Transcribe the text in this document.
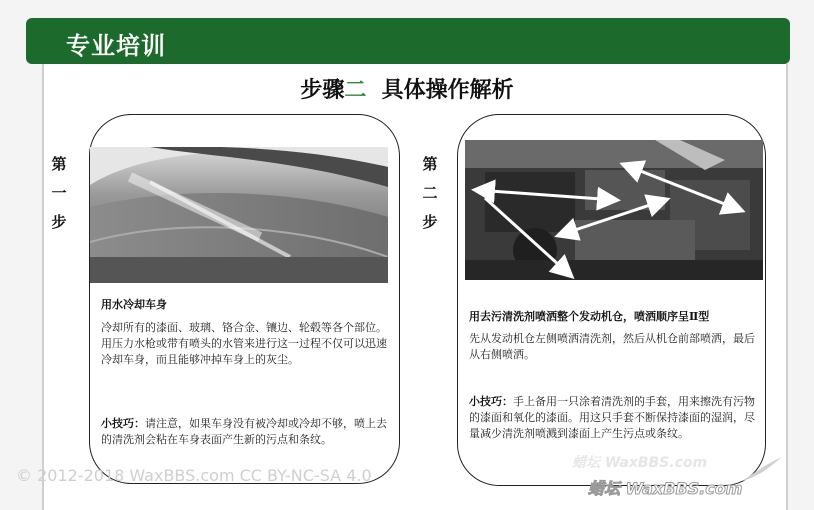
专业培训
步骤二 具体操作解析
第
一
步
用水冷却车身
冷却所有的漆面、玻璃、铬合金、镶边、轮毂等各个部位。用压力水枪或带有喷头的水管来进行这一过程不仅可以迅速冷却车身，而且能够冲掉车身上的灰尘。
小技巧：请注意，如果车身没有被冷却或冷却不够，喷上去的清洗剂会粘在车身表面产生新的污点和条纹。
第
二
步
用去污清洗剂喷洒整个发动机仓，喷洒顺序呈Ⅱ型
先从发动机仓左侧喷洒清洗剂，然后从机仓前部喷洒，最后从右侧喷洒。
小技巧：手上备用一只涂着清洗剂的手套，用来擦洗有污物的漆面和氧化的漆面。用这只手套不断保持漆面的湿润，尽量减少清洗剂喷溅到漆面上产生污点或条纹。
© 2012-2018 WaxBBS.com CC BY-NC-SA 4.0
蜡坛 WaxBBS.com
蜡坛 WaxBBS.com
